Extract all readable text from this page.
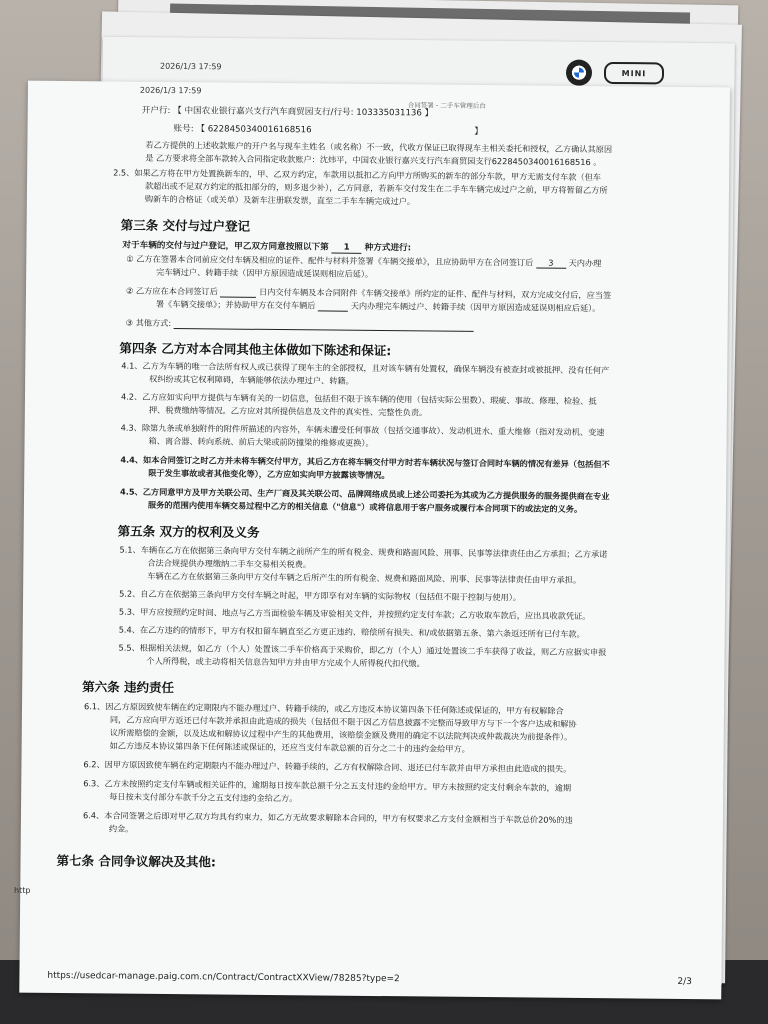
2026/1/3 17:59
MINI
2026/1/3 17:59
合同签署 - 二手车管理后台
开户行: 【 中国农业银行嘉兴支行汽车商贸园支行/行号: 103335031136 】
账号: 【 6228450340016168516	】
若乙方提供的上述收款账户的开户名与现车主姓名（或名称）不一致，代收方保证已取得现车主相关委托和授权，乙方确认其原因
是 乙方要求将全部车款转入合同指定收款账户：沈炜平，中国农业银行嘉兴支行汽车商贸园支行6228450340016168516 。
2.5、如果乙方将在甲方处置换新车的，甲、乙双方约定，车款用以抵扣乙方向甲方所购买的新车的部分车款，甲方无需支付车款（但车
款超出或不足双方约定的抵扣部分的，则多退少补），乙方同意，若新车交付发生在二手车车辆完成过户之前，甲方将暂留乙方所
购新车的合格证（或关单）及新车注册联发票，直至二手车车辆完成过户。
第三条 交付与过户登记
对于车辆的交付与过户登记，甲乙双方同意按照以下第 1 种方式进行:
① 乙方在签署本合同前应交付车辆及相应的证件、配件与材料并签署《车辆交接单》，且应协助甲方在合同签订后 3 天内办理
完车辆过户、转籍手续（因甲方原因造成延误则相应后延）。
② 乙方应在本合同签订后	日内交付车辆及本合同附件《车辆交接单》所约定的证件、配件与材料，双方完成交付后，应当签
署《车辆交接单》；并协助甲方在交付车辆后	天内办理完车辆过户、转籍手续（因甲方原因造成延误则相应后延）。
③ 其他方式:
第四条 乙方对本合同其他主体做如下陈述和保证:
4.1、乙方为车辆的唯一合法所有权人或已获得了现车主的全部授权，且对该车辆有处置权，确保车辆没有被查封或被抵押、没有任何产
权纠纷或其它权利障碍，车辆能够依法办理过户、转籍。
4.2、乙方应如实向甲方提供与车辆有关的一切信息，包括但不限于该车辆的使用（包括实际公里数）、瑕疵、事故、修理、检验、抵
押、税费缴纳等情况。乙方应对其所提供信息及文件的真实性、完整性负责。
4.3、除第九条或单独附件的附件所描述的内容外，车辆未遭受任何事故（包括交通事故）、发动机进水、重大维修（指对发动机、变速
箱、离合器、转向系统、前后大梁或前防撞梁的维修或更换）。
4.4、如本合同签订之时乙方并未将车辆交付甲方，其后乙方在将车辆交付甲方时若车辆状况与签订合同时车辆的情况有差异（包括但不
限于发生事故或者其他变化等），乙方应如实向甲方披露该等情况。
4.5、乙方同意甲方及甲方关联公司、生产厂商及其关联公司、品牌网络成员或上述公司委托为其或为乙方提供服务的服务提供商在专业
服务的范围内使用车辆交易过程中乙方的相关信息（"信息"）或将信息用于客户服务或履行本合同项下的或法定的义务。
第五条 双方的权利及义务
5.1、车辆在乙方在依据第三条向甲方交付车辆之前所产生的所有税金、规费和路面风险、刑事、民事等法律责任由乙方承担；乙方承诺
合法合规提供办理缴纳二手车交易相关税费。
车辆在乙方在依据第三条向甲方交付车辆之后所产生的所有税金、规费和路面风险、刑事、民事等法律责任由甲方承担。
5.2、自乙方在依据第三条向甲方交付车辆之时起，甲方即享有对车辆的实际物权（包括但不限于控制与使用）。
5.3、甲方应按照约定时间、地点与乙方当面检验车辆及审验相关文件，并按照约定支付车款；乙方收取车款后，应出具收款凭证。
5.4、在乙方违约的情形下，甲方有权扣留车辆直至乙方更正违约、赔偿所有损失、和/或依据第五条、第六条返还所有已付车款。
5.5、根据相关法规，如乙方（个人）处置该二手车价格高于采购价，即乙方（个人）通过处置该二手车获得了收益，则乙方应据实申报
个人所得税，或主动将相关信息告知甲方并由甲方完成个人所得税代扣代缴。
第六条 违约责任
6.1、因乙方原因致使车辆在约定期限内不能办理过户、转籍手续的，或乙方违反本协议第四条下任何陈述或保证的，甲方有权解除合
同，乙方应向甲方返还已付车款并承担由此造成的损失（包括但不限于因乙方信息披露不完整而导致甲方与下一个客户达成和解协
议所需赔偿的金额，以及达成和解协议过程中产生的其他费用，该赔偿金额及费用的确定不以法院判决或仲裁裁决为前提条件）。
如乙方违反本协议第四条下任何陈述或保证的，还应当支付车款总额的百分之二十的违约金给甲方。
6.2、因甲方原因致使车辆在约定期限内不能办理过户、转籍手续的，乙方有权解除合同、退还已付车款并由甲方承担由此造成的损失。
6.3、乙方未按照约定支付车辆或相关证件的，逾期每日按车款总额千分之五支付违约金给甲方。甲方未按照约定支付剩余车款的，逾期
每日按未支付部分车款千分之五支付违约金给乙方。
6.4、本合同签署之后即对甲乙双方均具有约束力，如乙方无故要求解除本合同的，甲方有权要求乙方支付金额相当于车款总价20%的违
约金。
第七条 合同争议解决及其他:
https://usedcar-manage.paig.com.cn/Contract/ContractXXView/78285?type=2	2/3
http
